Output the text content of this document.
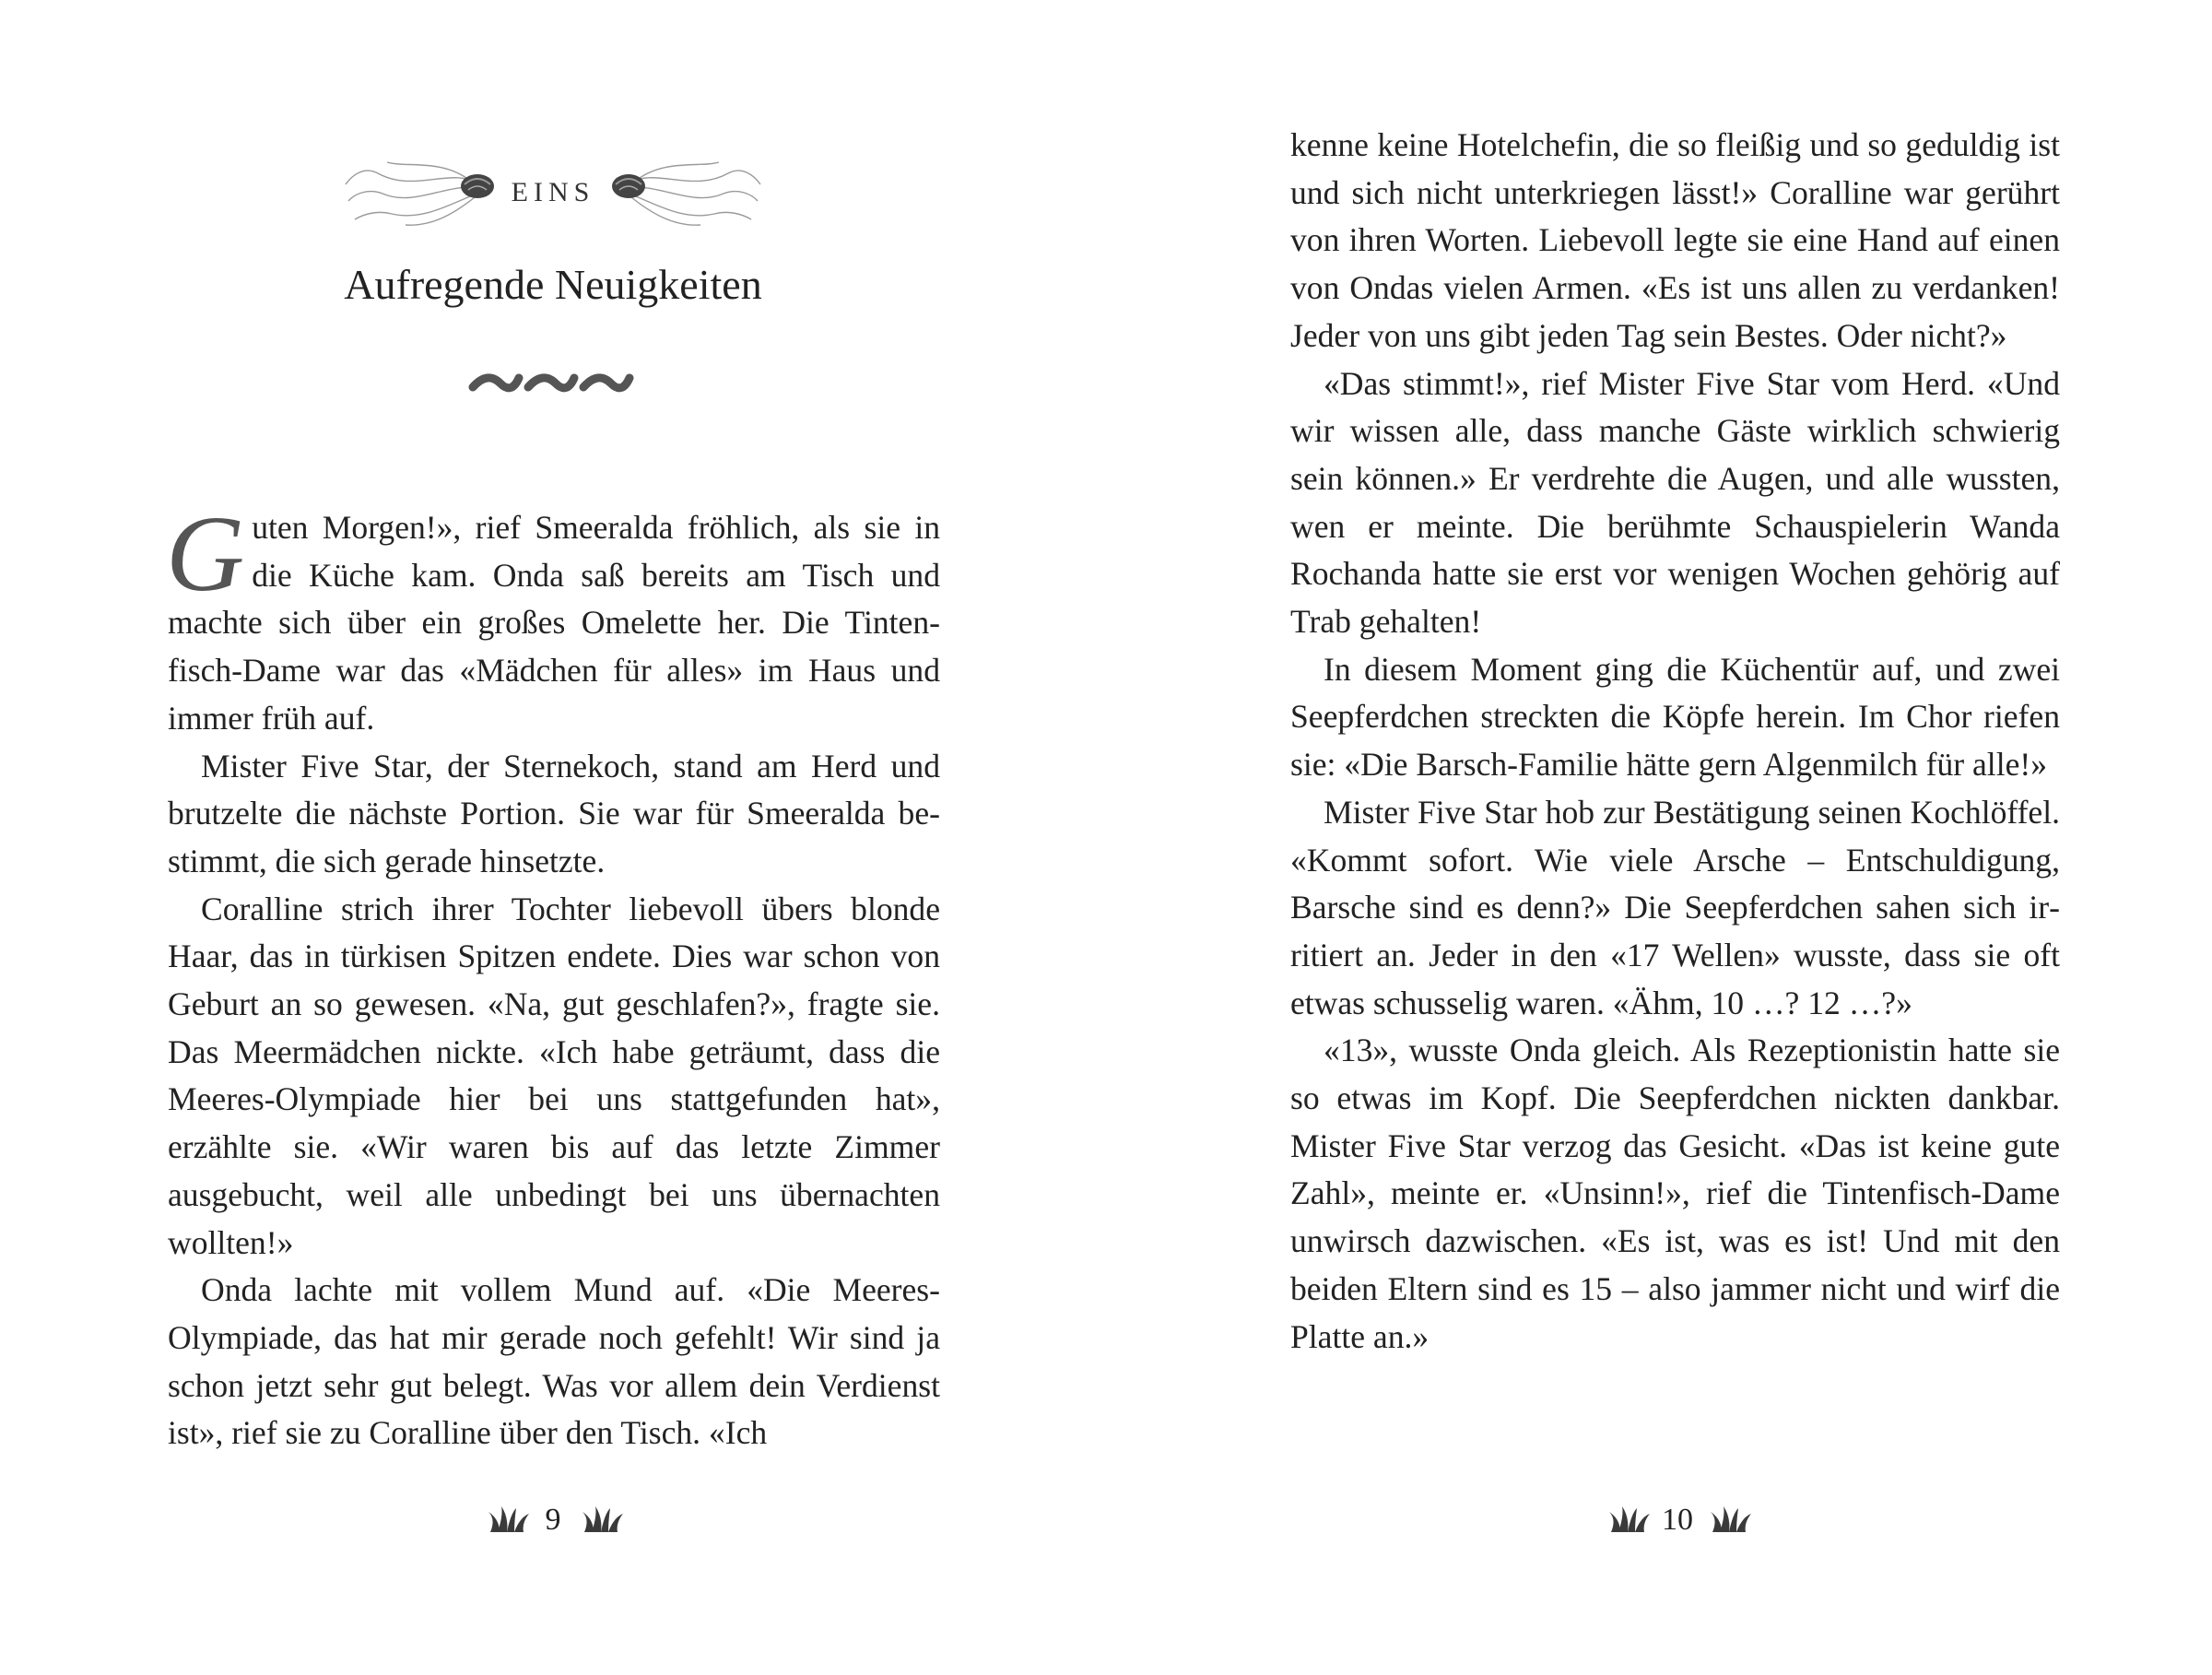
EINS
Aufregende Neuigkeiten

Guten Morgen!», rief Smeeralda fröhlich, als sie in die Küche kam. Onda saß bereits am Tisch und machte sich über ein großes Omelette her. Die Tintenfisch-Dame war das «Mädchen für alles» im Haus und immer früh auf.

Mister Five Star, der Sternekoch, stand am Herd und brutzelte die nächste Portion. Sie war für Smeeralda bestimmt, die sich gerade hinsetzte.

Coralline strich ihrer Tochter liebevoll übers blonde Haar, das in türkisen Spitzen endete. Dies war schon von Geburt an so gewesen. «Na, gut geschlafen?», fragte sie. Das Meermädchen nickte. «Ich habe geträumt, dass die Meeres-Olympiade hier bei uns stattgefunden hat», erzählte sie. «Wir waren bis auf das letzte Zimmer ausgebucht, weil alle unbedingt bei uns übernachten wollten!»

Onda lachte mit vollem Mund auf. «Die Meeres-Olympiade, das hat mir gerade noch gefehlt! Wir sind ja schon jetzt sehr gut belegt. Was vor allem dein Verdienst ist», rief sie zu Coralline über den Tisch. «Ich

9

kenne keine Hotelchefin, die so fleißig und so geduldig ist und sich nicht unterkriegen lässt!» Coralline war gerührt von ihren Worten. Liebevoll legte sie eine Hand auf einen von Ondas vielen Armen. «Es ist uns allen zu verdanken! Jeder von uns gibt jeden Tag sein Bestes. Oder nicht?»

«Das stimmt!», rief Mister Five Star vom Herd. «Und wir wissen alle, dass manche Gäste wirklich schwierig sein können.» Er verdrehte die Augen, und alle wussten, wen er meinte. Die berühmte Schauspielerin Wanda Rochanda hatte sie erst vor wenigen Wochen gehörig auf Trab gehalten!

In diesem Moment ging die Küchentür auf, und zwei Seepferdchen streckten die Köpfe herein. Im Chor riefen sie: «Die Barsch-Familie hätte gern Algenmilch für alle!»

Mister Five Star hob zur Bestätigung seinen Kochlöffel. «Kommt sofort. Wie viele Arsche – Entschuldigung, Barsche sind es denn?» Die Seepferdchen sahen sich irritiert an. Jeder in den «17 Wellen» wusste, dass sie oft etwas schusselig waren. «Ähm, 10 …? 12 …?»

«13», wusste Onda gleich. Als Rezeptionistin hatte sie so etwas im Kopf. Die Seepferdchen nickten dankbar. Mister Five Star verzog das Gesicht. «Das ist keine gute Zahl», meinte er. «Unsinn!», rief die Tintenfisch-Dame unwirsch dazwischen. «Es ist, was es ist! Und mit den beiden Eltern sind es 15 – also jammer nicht und wirf die Platte an.»

10
